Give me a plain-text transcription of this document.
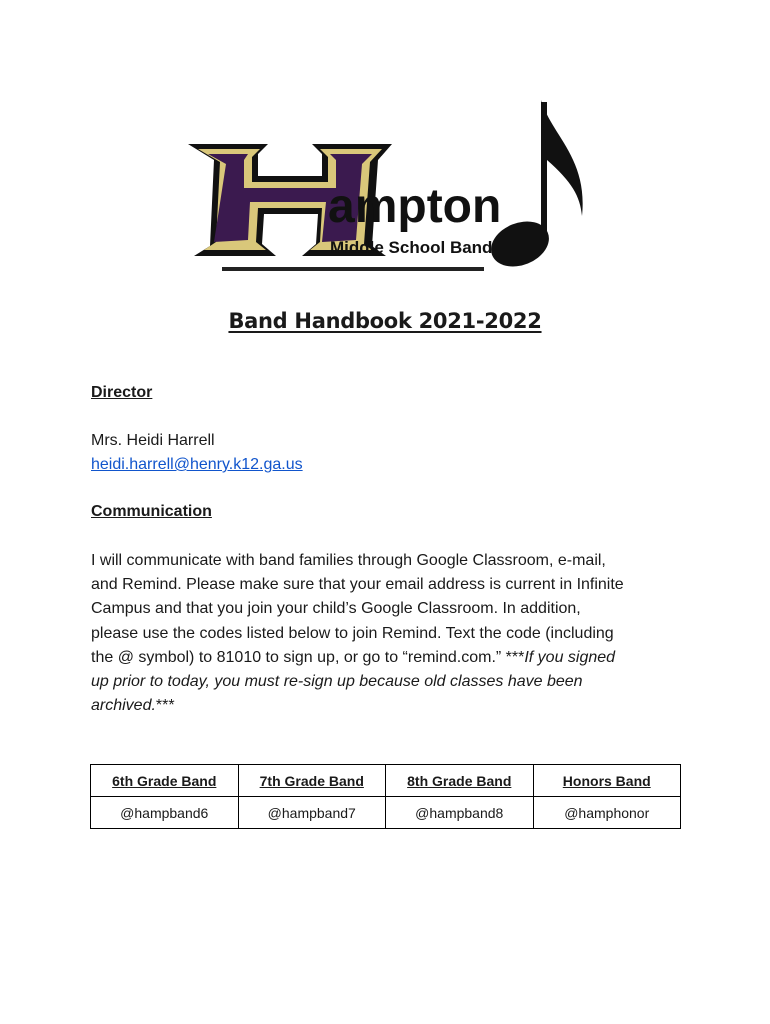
ampton
Middle School Band
Band Handbook 2021-2022
Director
Mrs. Heidi Harrell
heidi.harrell@henry.k12.ga.us
Communication
I will communicate with band families through Google Classroom, e-mail,
and Remind. Please make sure that your email address is current in Infinite
Campus and that you join your child’s Google Classroom. In addition,
please use the codes listed below to join Remind. Text the code (including
the @ symbol) to 81010 to sign up, or go to “remind.com.” ***If you signed
up prior to today, you must re-sign up because old classes have been
archived.***
6th Grade Band	7th Grade Band	8th Grade Band	Honors Band
@hampband6	@hampband7	@hampband8	@hamphonor
